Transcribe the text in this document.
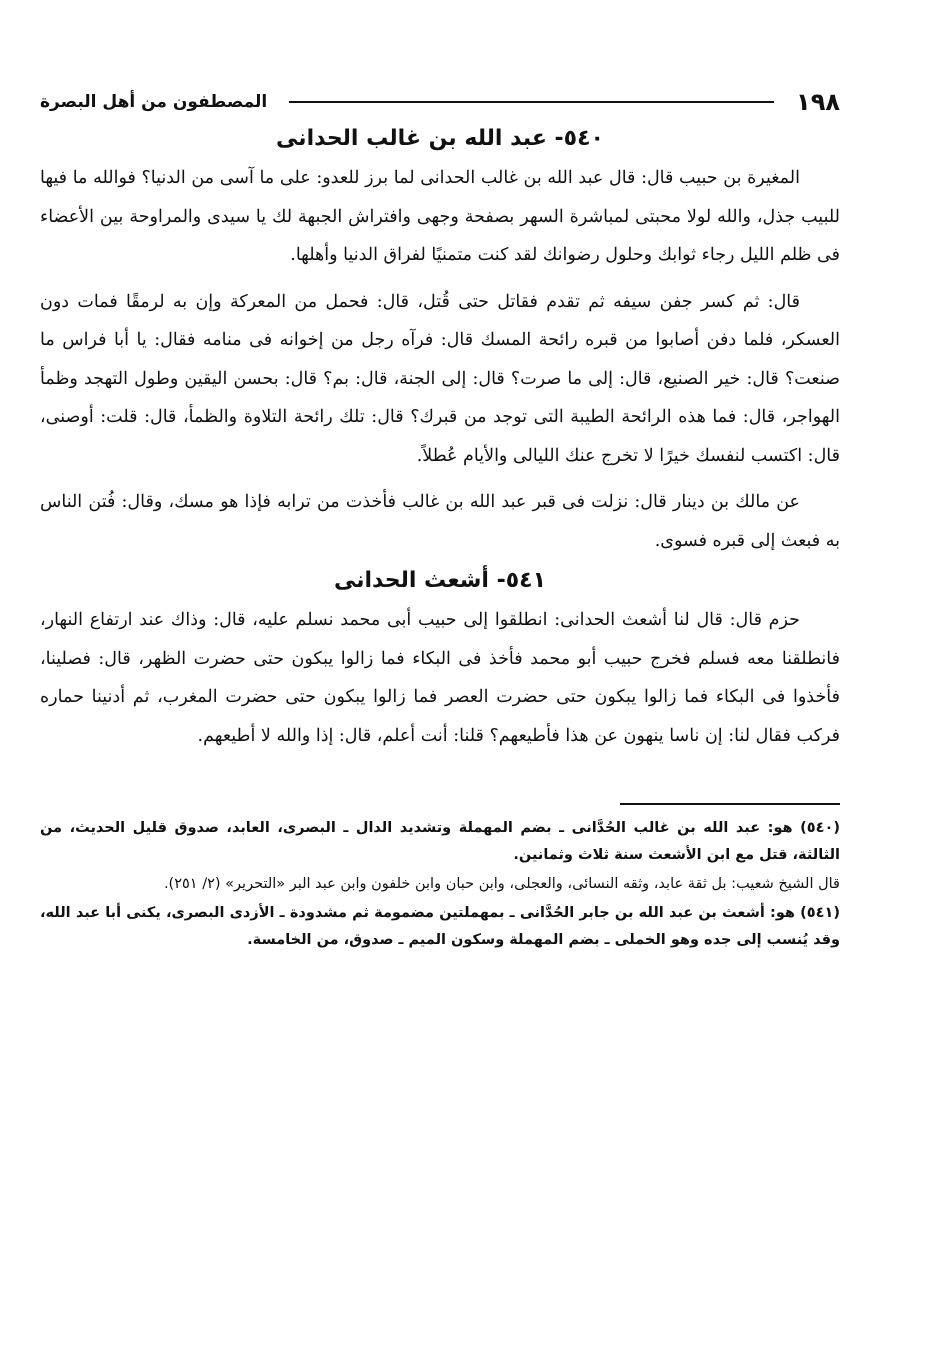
١٩٨
المصطفون من أهل البصرة
٥٤٠- عبد الله بن غالب الحدانى

المغيرة بن حبيب قال: قال عبد الله بن غالب الحدانى لما برز للعدو: على ما آسى من الدنيا؟ فوالله ما فيها للبيب جذل، والله لولا محبتى لمباشرة السهر بصفحة وجهى وافتراش الجبهة لك يا سيدى والمراوحة بين الأعضاء فى ظلم الليل رجاء ثوابك وحلول رضوانك لقد كنت متمنيًا لفراق الدنيا وأهلها.

قال: ثم كسر جفن سيفه ثم تقدم فقاتل حتى قُتل، قال: فحمل من المعركة وإن به لرمقًا فمات دون العسكر، فلما دفن أصابوا من قبره رائحة المسك قال: فرآه رجل من إخوانه فى منامه فقال: يا أبا فراس ما صنعت؟ قال: خير الصنيع، قال: إلى ما صرت؟ قال: إلى الجنة، قال: بم؟ قال: بحسن اليقين وطول التهجد وظمأ الهواجر، قال: فما هذه الرائحة الطيبة التى توجد من قبرك؟ قال: تلك رائحة التلاوة والظمأ، قال: قلت: أوصنى، قال: اكتسب لنفسك خيرًا لا تخرج عنك الليالى والأيام عُطلاً.

عن مالك بن دينار قال: نزلت فى قبر عبد الله بن غالب فأخذت من ترابه فإذا هو مسك، وقال: فُتن الناس به فبعث إلى قبره فسوى.

٥٤١- أشعث الحدانى

حزم قال: قال لنا أشعث الحدانى: انطلقوا إلى حبيب أبى محمد نسلم عليه، قال: وذاك عند ارتفاع النهار، فانطلقنا معه فسلم فخرج حبيب أبو محمد فأخذ فى البكاء فما زالوا يبكون حتى حضرت الظهر، قال: فصلينا، فأخذوا فى البكاء فما زالوا يبكون حتى حضرت العصر فما زالوا يبكون حتى حضرت المغرب، ثم أدنينا حماره فركب فقال لنا: إن ناسا ينهون عن هذا فأطيعهم؟ قلنا: أنت أعلم، قال: إذا والله لا أطيعهم.

(٥٤٠) هو: عبد الله بن غالب الحُدَّانى ـ بضم المهملة وتشديد الدال ـ البصرى، العابد، صدوق قليل الحديث، من الثالثة، قتل مع ابن الأشعث سنة ثلاث وثمانين.

قال الشيخ شعيب: بل ثقة عابد، وثقه النسائى، والعجلى، وابن حبان وابن خلفون وابن عبد البر «التحرير» (٢/ ٢٥١).

(٥٤١) هو: أشعث بن عبد الله بن جابر الحُدَّانى ـ بمهملتين مضمومة ثم مشدودة ـ الأزدى البصرى، يكنى أبا عبد الله، وقد يُنسب إلى جده وهو الخملى ـ بضم المهملة وسكون الميم ـ صدوق، من الخامسة.
